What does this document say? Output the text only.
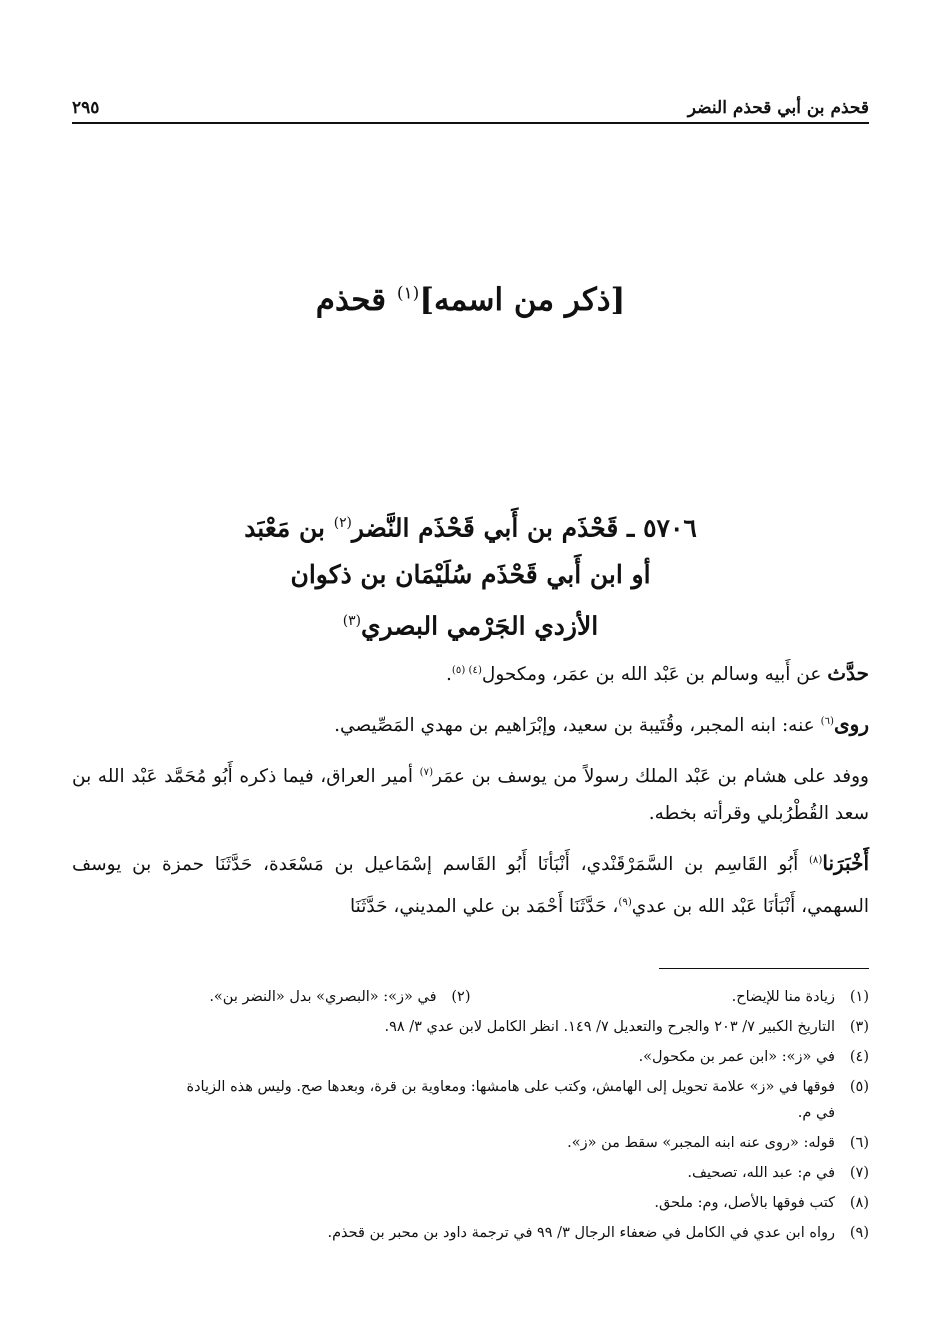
قحذم بن أبي قحذم النضر
٢٩٥
[ذكر من اسمه]$^{(١)}$ قحذم
٥٧٠٦ ـ قَحْذَم بن أَبي قَحْذَم النَّضر$^{(٢)}$ بن مَعْبَد
أو ابن أَبي قَحْذَم سُلَيْمَان بن ذكوان
الأزدي الجَرْمي البصري$^{(٣)}$

حدَّث عن أَبيه وسالم بن عَبْد الله بن عمَر، ومكحول$^{(٤) (٥)}$.

روى$^{(٦)}$ عنه: ابنه المجبر، وقُتَيبة بن سعيد، وإبْرَاهيم بن مهدي المَصِّيصي.

ووفد على هشام بن عَبْد الملك رسولاً من يوسف بن عمَر$^{(٧)}$ أمير العراق، فيما ذكره أَبُو مُحَمَّد عَبْد الله بن سعد القُطْرُبلي وقرأته بخطه.

أَخْبَرَنا$^{(٨)}$ أَبُو القَاسِم بن السَّمَرْقَنْدي، أَنْبَأنَا أَبُو القَاسم إسْمَاعيل بن مَسْعَدة، حَدَّثَنَا حمزة بن يوسف السهمي، أَنْبَأنَا عَبْد الله بن عدي$^{(٩)}$، حَدَّثَنَا أَحْمَد بن علي المديني، حَدَّثَنَا

(١)
زيادة منا للإيضاح.
(٢)
في «ز»: «البصري» بدل «النضر بن».
(٣)
التاريخ الكبير ٧/ ٢٠٣ والجرح والتعديل ٧/ ١٤٩. انظر الكامل لابن عدي ٣/ ٩٨.
(٤)
في «ز»: «ابن عمر بن مكحول».
(٥)
فوقها في «ز» علامة تحويل إلى الهامش، وكتب على هامشها: ومعاوية بن قرة، وبعدها صح. وليس هذه الزيادة
في م.
(٦)
قوله: «روى عنه ابنه المجبر» سقط من «ز».
(٧)
في م: عبد الله، تصحيف.
(٨)
كتب فوقها بالأصل، وم: ملحق.
(٩)
رواه ابن عدي في الكامل في ضعفاء الرجال ٣/ ٩٩ في ترجمة داود بن محبر بن قحذم.
